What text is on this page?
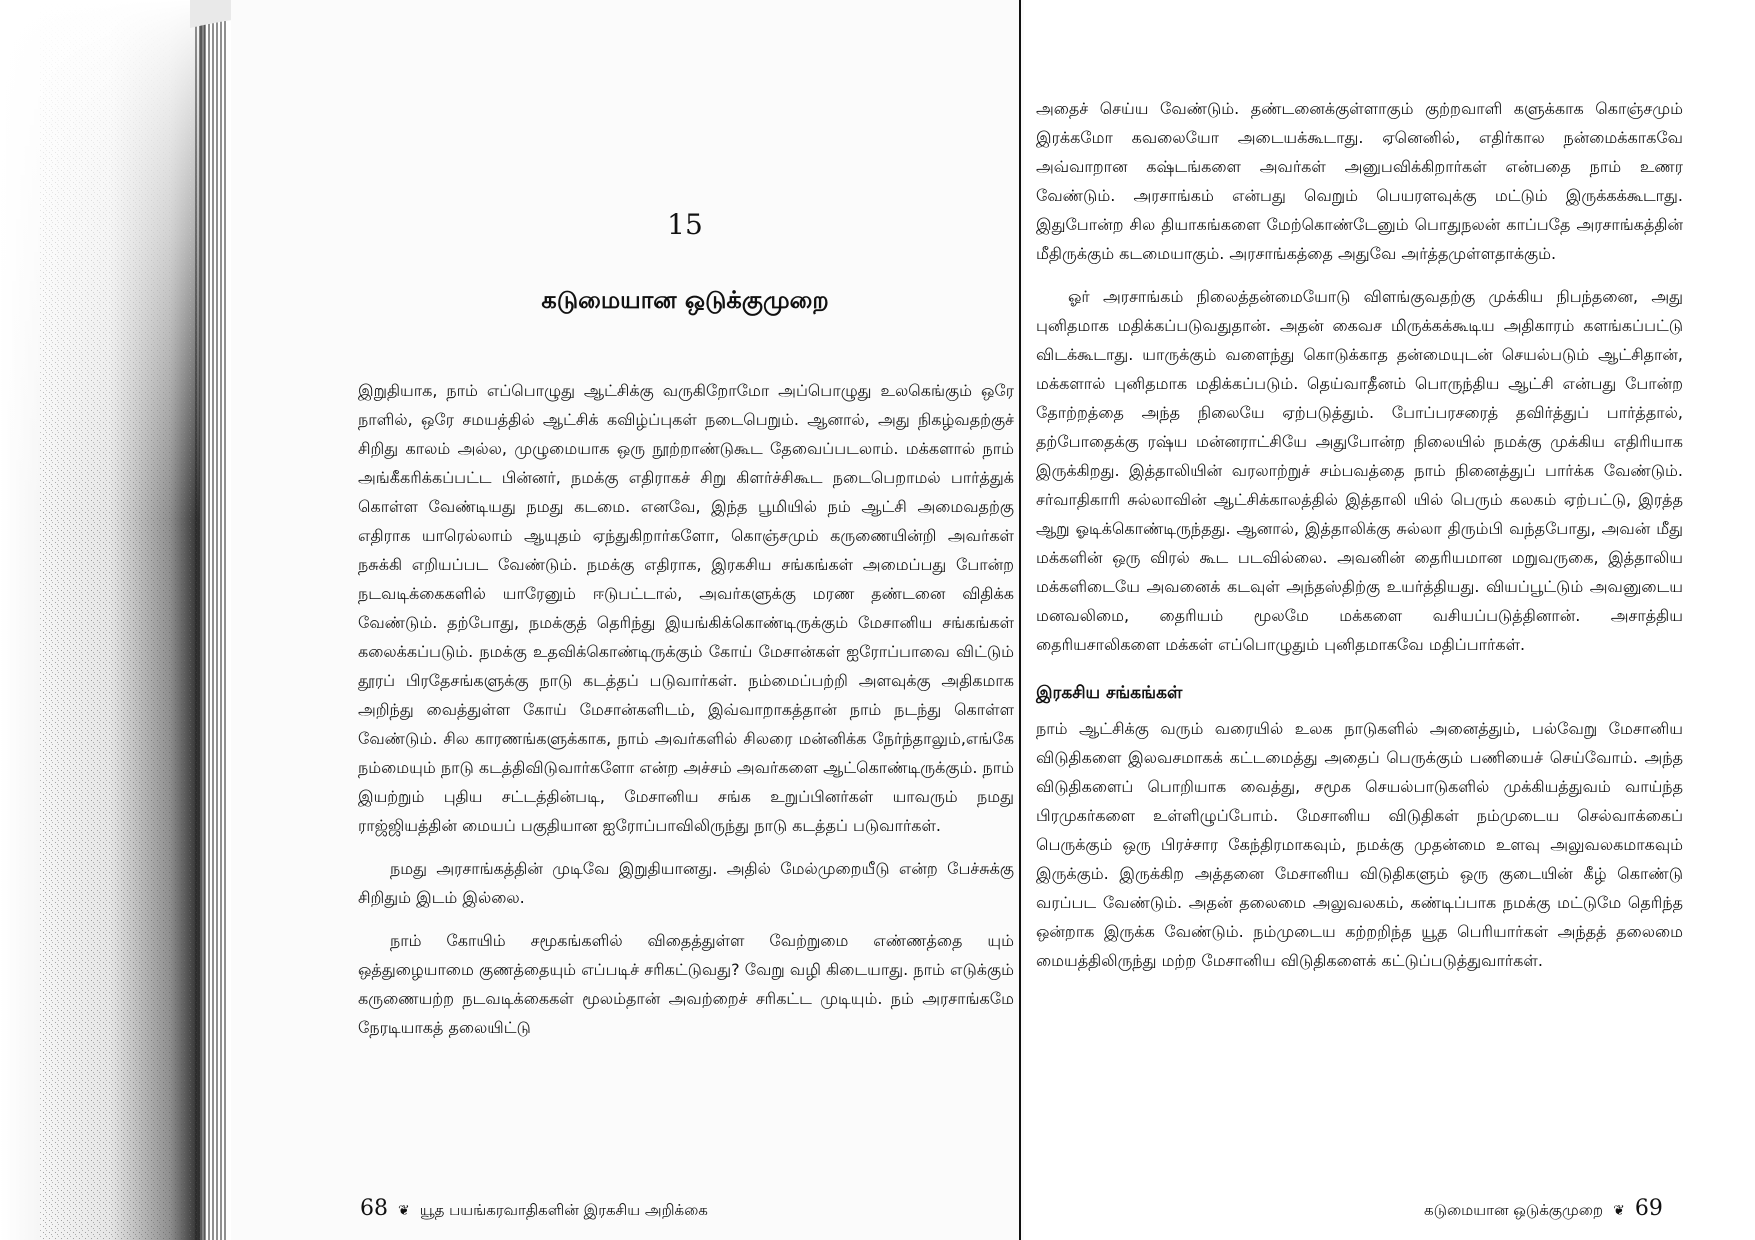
15
கடுமையான ஒடுக்குமுறை

இறுதியாக, நாம் எப்பொழுது ஆட்சிக்கு வருகிறோமோ அப்பொழுது உலகெங்கும் ஒரே நாளில், ஒரே சமயத்தில் ஆட்சிக் கவிழ்ப்புகள் நடைபெறும். ஆனால், அது நிகழ்வதற்குச் சிறிது காலம் அல்ல, முழுமையாக ஒரு நூற்றாண்டுகூட தேவைப்படலாம். மக்களால் நாம் அங்கீகரிக்கப்பட்ட பின்னர், நமக்கு எதிராகச் சிறு கிளர்ச்சிகூட நடைபெறாமல் பார்த்துக் கொள்ள வேண்டியது நமது கடமை. எனவே, இந்த பூமியில் நம் ஆட்சி அமைவதற்கு எதிராக யாரெல்லாம் ஆயுதம் ஏந்துகிறார்களோ, கொஞ்சமும் கருணையின்றி அவர்கள் நசுக்கி எறியப்பட வேண்டும். நமக்கு எதிராக, இரகசிய சங்கங்கள் அமைப்பது போன்ற நடவடிக்கைகளில் யாரேனும் ஈடுபட்டால், அவர்களுக்கு மரண தண்டனை விதிக்க வேண்டும். தற்போது, நமக்குத் தெரிந்து இயங்கிக்கொண்டிருக்கும் மேசானிய சங்கங்கள் கலைக்கப்படும். நமக்கு உதவிக்கொண்டிருக்கும் கோய் மேசான்கள் ஐரோப்பாவை விட்டும் தூரப் பிரதேசங்களுக்கு நாடு கடத்தப் படுவார்கள். நம்மைப்பற்றி அளவுக்கு அதிகமாக அறிந்து வைத்துள்ள கோய் மேசான்களிடம், இவ்வாறாகத்தான் நாம் நடந்து கொள்ள வேண்டும். சில காரணங்களுக்காக, நாம் அவர்களில் சிலரை மன்னிக்க நேர்ந்தாலும்,எங்கே நம்மையும் நாடு கடத்திவிடுவார்களோ என்ற அச்சம் அவர்களை ஆட்கொண்டிருக்கும். நாம் இயற்றும் புதிய சட்டத்தின்படி, மேசானிய சங்க உறுப்பினர்கள் யாவரும் நமது ராஜ்ஜியத்தின் மையப் பகுதியான ஐரோப்பாவிலிருந்து நாடு கடத்தப் படுவார்கள்.

நமது அரசாங்கத்தின் முடிவே இறுதியானது. அதில் மேல்முறையீடு என்ற பேச்சுக்கு சிறிதும் இடம் இல்லை.

நாம் கோயிம் சமூகங்களில் விதைத்துள்ள வேற்றுமை எண்ணத்தை யும் ஒத்துழையாமை குணத்தையும் எப்படிச் சரிகட்டுவது? வேறு வழி கிடையாது. நாம் எடுக்கும் கருணையற்ற நடவடிக்கைகள் மூலம்தான் அவற்றைச் சரிகட்ட முடியும். நம் அரசாங்கமே நேரடியாகத் தலையிட்டு

அதைச் செய்ய வேண்டும். தண்டனைக்குள்ளாகும் குற்றவாளி களுக்காக கொஞ்சமும் இரக்கமோ கவலையோ அடையக்கூடாது. ஏனெனில், எதிர்கால நன்மைக்காகவே அவ்வாறான கஷ்டங்களை அவர்கள் அனுபவிக்கிறார்கள் என்பதை நாம் உணர வேண்டும். அரசாங்கம் என்பது வெறும் பெயரளவுக்கு மட்டும் இருக்கக்கூடாது. இதுபோன்ற சில தியாகங்களை மேற்கொண்டேனும் பொதுநலன் காப்பதே அரசாங்கத்தின் மீதிருக்கும் கடமையாகும். அரசாங்கத்தை அதுவே அர்த்தமுள்ளதாக்கும்.

ஓர் அரசாங்கம் நிலைத்தன்மையோடு விளங்குவதற்கு முக்கிய நிபந்தனை, அது புனிதமாக மதிக்கப்படுவதுதான். அதன் கைவச மிருக்கக்கூடிய அதிகாரம் களங்கப்பட்டு விடக்கூடாது. யாருக்கும் வளைந்து கொடுக்காத தன்மையுடன் செயல்படும் ஆட்சிதான், மக்களால் புனிதமாக மதிக்கப்படும். தெய்வாதீனம் பொருந்திய ஆட்சி என்பது போன்ற தோற்றத்தை அந்த நிலையே ஏற்படுத்தும். போப்பரசரைத் தவிர்த்துப் பார்த்தால், தற்போதைக்கு ரஷ்ய மன்னராட்சியே அதுபோன்ற நிலையில் நமக்கு முக்கிய எதிரியாக இருக்கிறது. இத்தாலியின் வரலாற்றுச் சம்பவத்தை நாம் நினைத்துப் பார்க்க வேண்டும். சர்வாதிகாரி சுல்லாவின் ஆட்சிக்காலத்தில் இத்தாலி யில் பெரும் கலகம் ஏற்பட்டு, இரத்த ஆறு ஓடிக்கொண்டிருந்தது. ஆனால், இத்தாலிக்கு சுல்லா திரும்பி வந்தபோது, அவன் மீது மக்களின் ஒரு விரல் கூட படவில்லை. அவனின் தைரியமான மறுவருகை, இத்தாலிய மக்களிடையே அவனைக் கடவுள் அந்தஸ்திற்கு உயர்த்தியது. வியப்பூட்டும் அவனுடைய மனவலிமை, தைரியம் மூலமே மக்களை வசியப்படுத்தினான். அசாத்திய தைரியசாலிகளை மக்கள் எப்பொழுதும் புனிதமாகவே மதிப்பார்கள்.

இரகசிய சங்கங்கள்

நாம் ஆட்சிக்கு வரும் வரையில் உலக நாடுகளில் அனைத்தும், பல்வேறு மேசானிய விடுதிகளை இலவசமாகக் கட்டமைத்து அதைப் பெருக்கும் பணியைச் செய்வோம். அந்த விடுதிகளைப் பொறியாக வைத்து, சமூக செயல்பாடுகளில் முக்கியத்துவம் வாய்ந்த பிரமுகர்களை உள்ளிழுப்போம். மேசானிய விடுதிகள் நம்முடைய செல்வாக்கைப் பெருக்கும் ஒரு பிரச்சார கேந்திரமாகவும், நமக்கு முதன்மை உளவு அலுவலகமாகவும் இருக்கும். இருக்கிற அத்தனை மேசானிய விடுதிகளும் ஒரு குடையின் கீழ் கொண்டு வரப்பட வேண்டும். அதன் தலைமை அலுவலகம், கண்டிப்பாக நமக்கு மட்டுமே தெரிந்த ஒன்றாக இருக்க வேண்டும். நம்முடைய கற்றறிந்த யூத பெரியார்கள் அந்தத் தலைமை மையத்திலிருந்து மற்ற மேசானிய விடுதிகளைக் கட்டுப்படுத்துவார்கள்.

68 ❦ யூத பயங்கரவாதிகளின் இரகசிய அறிக்கை	கடுமையான ஒடுக்குமுறை ❦ 69
